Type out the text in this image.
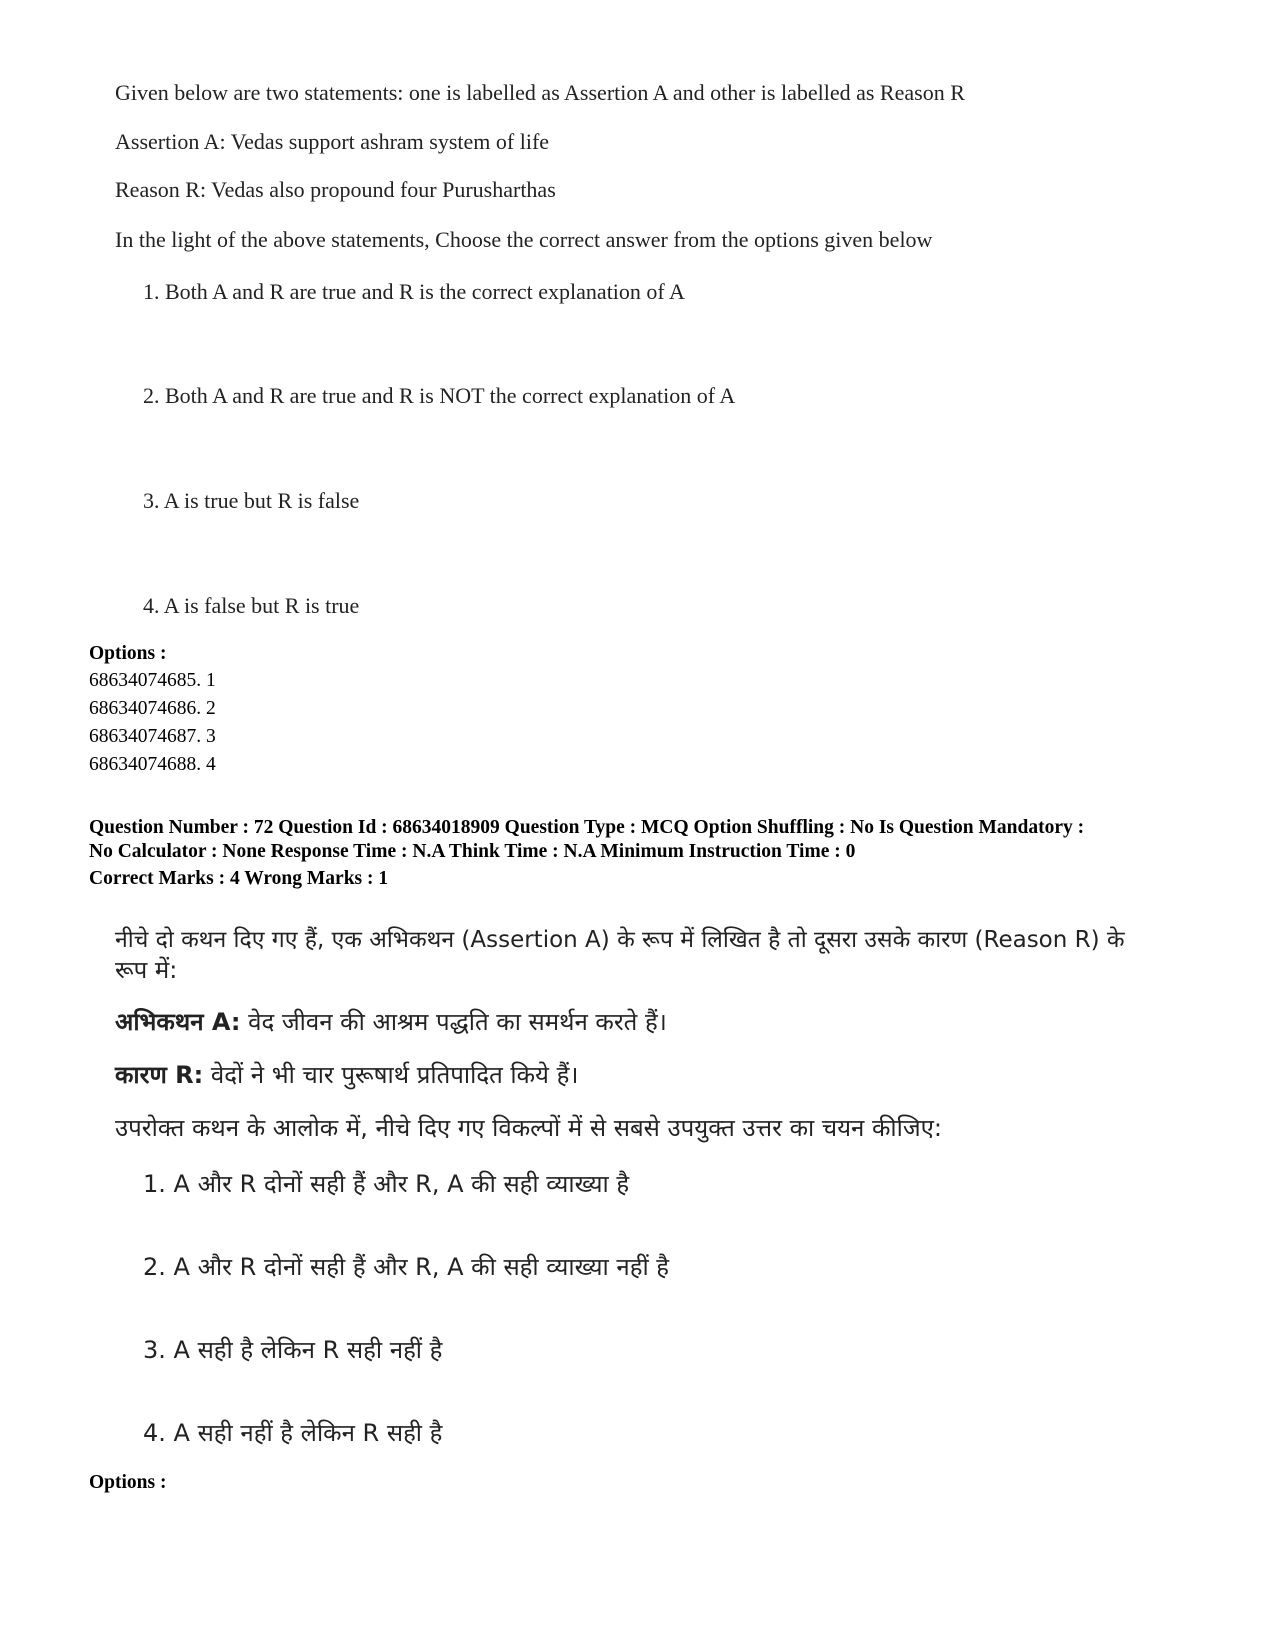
Given below are two statements: one is labelled as Assertion A and other is labelled as Reason R
Assertion A: Vedas support ashram system of life
Reason R: Vedas also propound four Purusharthas
In the light of the above statements, Choose the correct answer from the options given below
1. Both A and R are true and R is the correct explanation of A
2. Both A and R are true and R is NOT the correct explanation of A
3. A is true but R is false
4. A is false but R is true
Options :
68634074685. 1
68634074686. 2
68634074687. 3
68634074688. 4
Question Number : 72 Question Id : 68634018909 Question Type : MCQ Option Shuffling : No Is Question Mandatory :
No Calculator : None Response Time : N.A Think Time : N.A Minimum Instruction Time : 0
Correct Marks : 4 Wrong Marks : 1
नीचे दो कथन दिए गए हैं, एक अभिकथन (Assertion A) के रूप में लिखित है तो दूसरा उसके कारण (Reason R) के
रूप में:
अभिकथन A: वेद जीवन की आश्रम पद्धति का समर्थन करते हैं।
कारण R: वेदों ने भी चार पुरूषार्थ प्रतिपादित किये हैं।
उपरोक्त कथन के आलोक में, नीचे दिए गए विकल्पों में से सबसे उपयुक्त उत्तर का चयन कीजिए:
1. A और R दोनों सही हैं और R, A की सही व्याख्या है
2. A और R दोनों सही हैं और R, A की सही व्याख्या नहीं है
3. A सही है लेकिन R सही नहीं है
4. A सही नहीं है लेकिन R सही है
Options :
